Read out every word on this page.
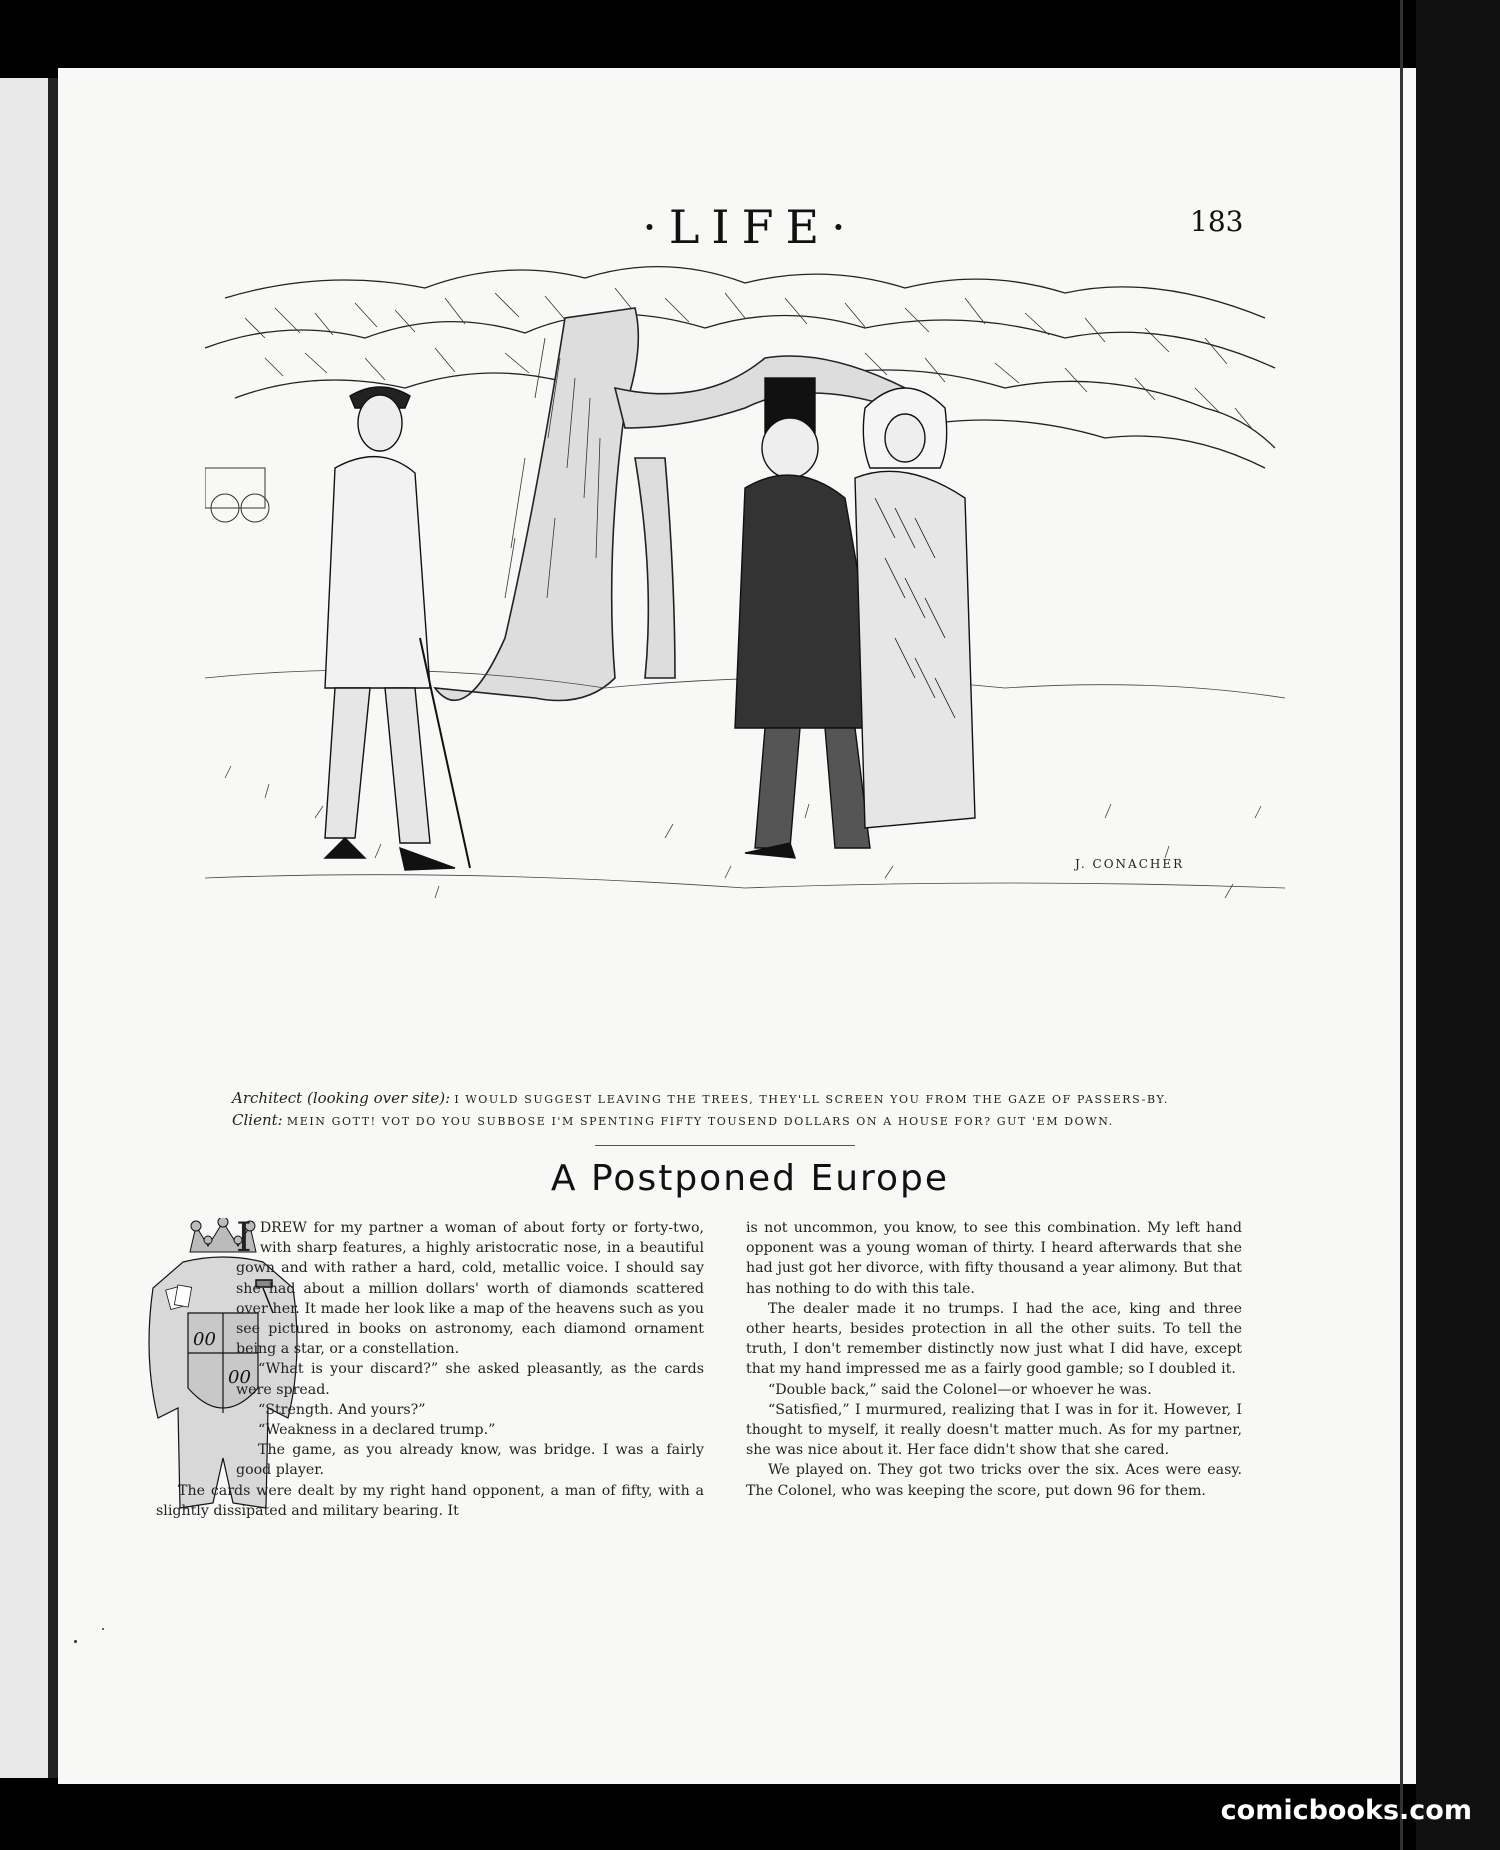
·LIFE·	183
J. CONACHER
Architect (looking over site): I WOULD SUGGEST LEAVING THE TREES, THEY'LL SCREEN YOU FROM THE GAZE OF PASSERS-BY.
Client: MEIN GOTT! VOT DO YOU SUBBOSE I'M SPENTING FIFTY TOUSEND DOLLARS ON A HOUSE FOR? GUT 'EM DOWN.
A Postponed Europe
00
00

IDREW for my partner a woman of about forty or forty-two, with sharp features, a highly aristocratic nose, in a beautiful gown and with rather a hard, cold, metallic voice. I should say she had about a million dollars' worth of diamonds scattered over her. It made her look like a map of the heavens such as you see pictured in books on astronomy, each diamond ornament being a star, or a constellation.

“What is your discard?” she asked pleasantly, as the cards were spread.

“Strength. And yours?”

“Weakness in a declared trump.”

The game, as you already know, was bridge. I was a fairly good player.

The cards were dealt by my right hand opponent, a man of fifty, with a slightly dissipated and military bearing. It

is not uncommon, you know, to see this combination. My left hand opponent was a young woman of thirty. I heard afterwards that she had just got her divorce, with fifty thousand a year alimony. But that has nothing to do with this tale.

The dealer made it no trumps. I had the ace, king and three other hearts, besides protection in all the other suits. To tell the truth, I don't remember distinctly now just what I did have, except that my hand impressed me as a fairly good gamble; so I doubled it.

“Double back,” said the Colonel—or whoever he was.

“Satisfied,” I murmured, realizing that I was in for it. However, I thought to myself, it really doesn't matter much. As for my partner, she was nice about it. Her face didn't show that she cared.

We played on. They got two tricks over the six. Aces were easy. The Colonel, who was keeping the score, put down 96 for them.

comicbooks.com
